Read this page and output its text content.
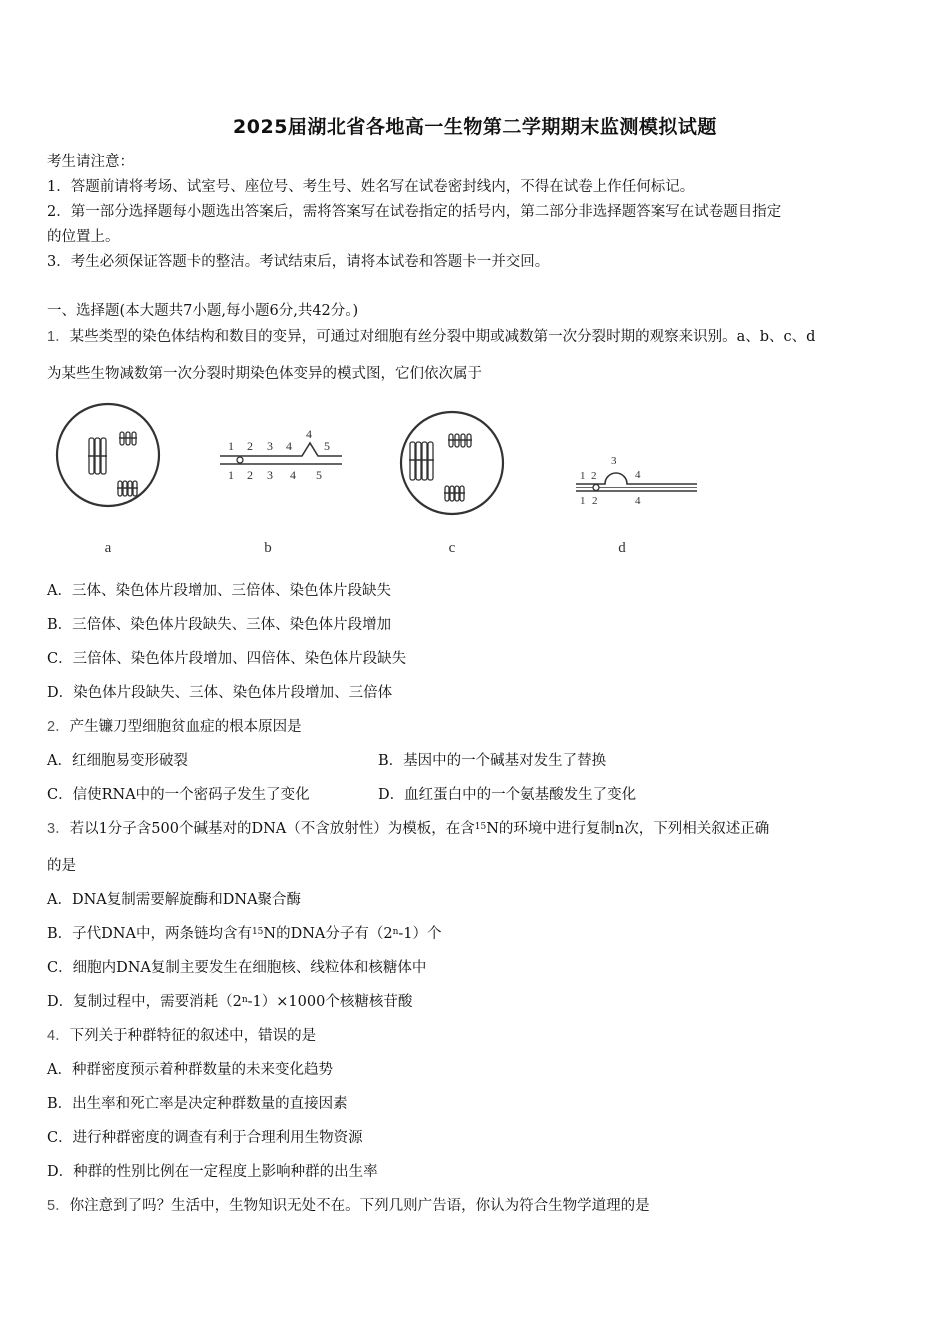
2025届湖北省各地高一生物第二学期期末监测模拟试题
考生请注意：
1．答题前请将考场、试室号、座位号、考生号、姓名写在试卷密封线内，不得在试卷上作任何标记。
2．第一部分选择题每小题选出答案后，需将答案写在试卷指定的括号内，第二部分非选择题答案写在试卷题目指定
的位置上。
3．考生必须保证答题卡的整洁。考试结束后，请将本试卷和答题卡一并交回。
一、选择题(本大题共7小题,每小题6分,共42分。)
1．某些类型的染色体结构和数目的变异，可通过对细胞有丝分裂中期或减数第一次分裂时期的观察来识别。a、b、c、d
为某些生物减数第一次分裂时期染色体变异的模式图，它们依次属于
a
1 2 3 4
4
5
1 2 3 4 5
b	c
1 2
3
4
1 2	4
d
A．三体、染色体片段增加、三倍体、染色体片段缺失
B．三倍体、染色体片段缺失、三体、染色体片段增加
C．三倍体、染色体片段增加、四倍体、染色体片段缺失
D．染色体片段缺失、三体、染色体片段增加、三倍体
2．产生镰刀型细胞贫血症的根本原因是
A．红细胞易变形破裂	B．基因中的一个碱基对发生了替换
C．信使RNA中的一个密码子发生了变化	D．血红蛋白中的一个氨基酸发生了变化
3．若以1分子含500个碱基对的DNA（不含放射性）为模板，在含$^{15}$N的环境中进行复制n次，下列相关叙述正确
的是
A．DNA复制需要解旋酶和DNA聚合酶
B．子代DNA中，两条链均含有$^{15}$N的DNA分子有（2$^n$-1）个
C．细胞内DNA复制主要发生在细胞核、线粒体和核糖体中
D．复制过程中，需要消耗$(2^n-1)\times 1000$个核糖核苷酸
4．下列关于种群特征的叙述中，错误的是
A．种群密度预示着种群数量的未来变化趋势
B．出生率和死亡率是决定种群数量的直接因素
C．进行种群密度的调查有利于合理利用生物资源
D．种群的性别比例在一定程度上影响种群的出生率
5．你注意到了吗？生活中，生物知识无处不在。下列几则广告语，你认为符合生物学道理的是
